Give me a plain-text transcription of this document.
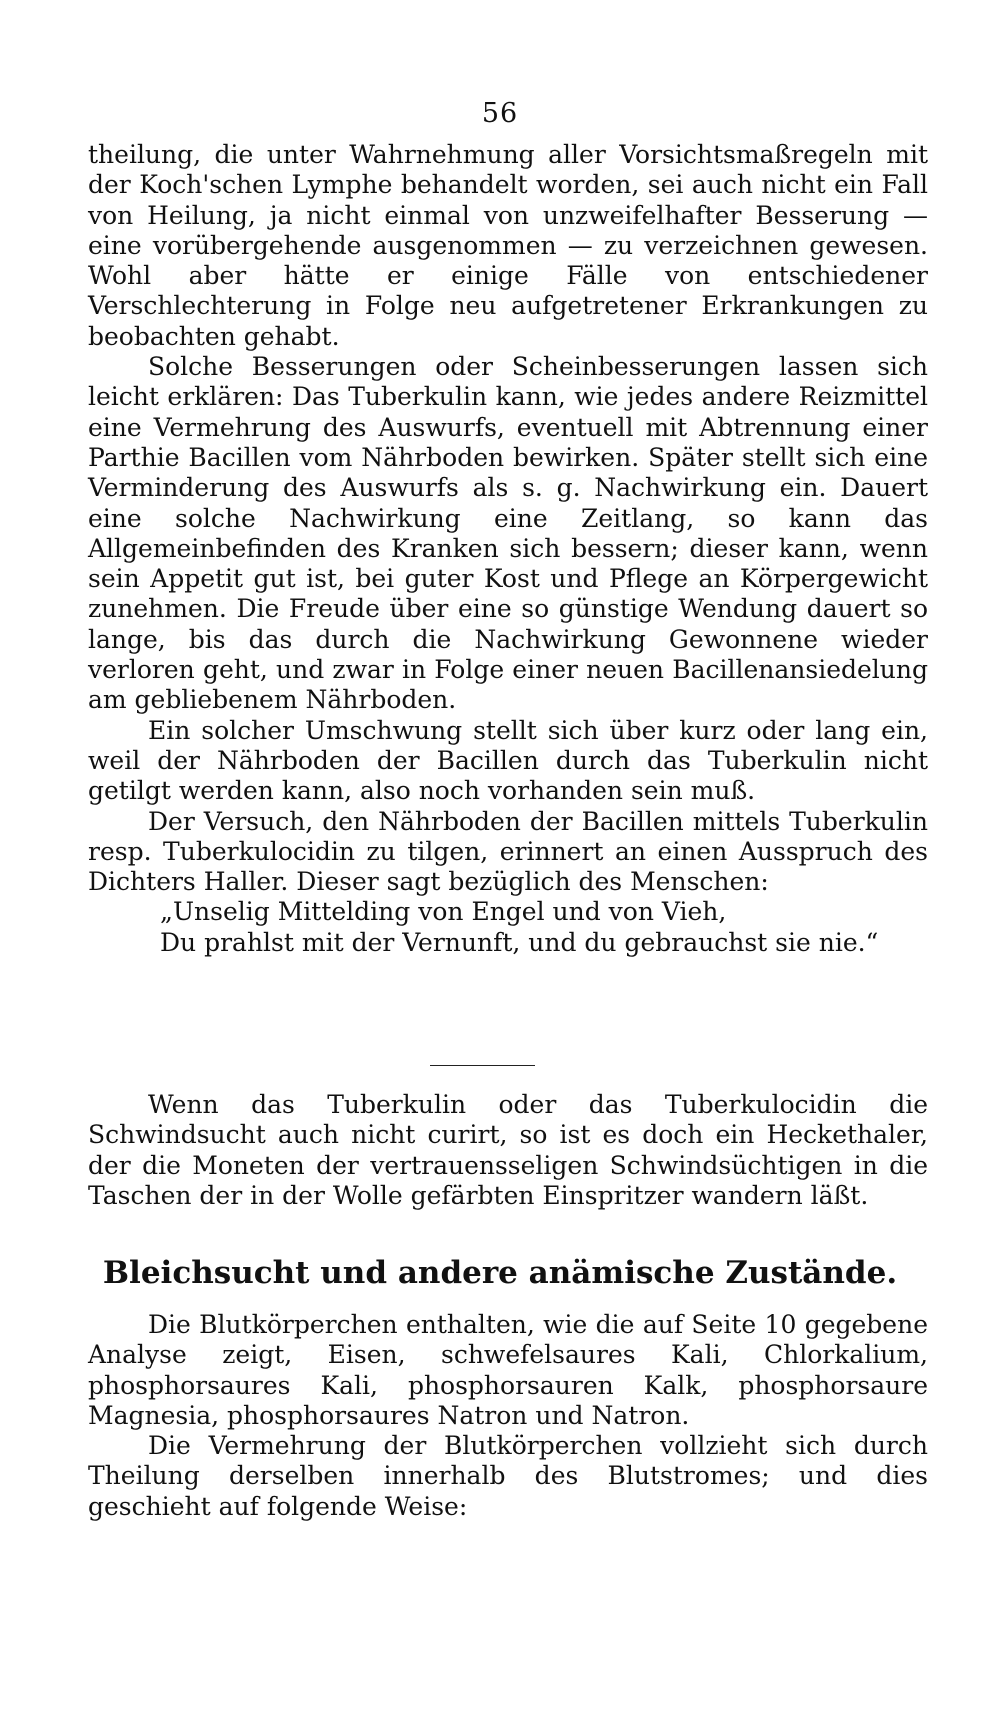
56

theilung, die unter Wahrnehmung aller Vorsichtsmaßregeln mit der Koch'schen Lymphe behandelt worden, sei auch nicht ein Fall von Heilung, ja nicht einmal von unzweifelhafter Besserung — eine vorübergehende ausgenommen — zu verzeichnen gewesen. Wohl aber hätte er einige Fälle von entschiedener Verschlechterung in Folge neu aufgetretener Erkrankungen zu beobachten gehabt.

Solche Besserungen oder Scheinbesserungen lassen sich leicht erklären: Das Tuberkulin kann, wie jedes andere Reizmittel eine Vermehrung des Auswurfs, eventuell mit Abtrennung einer Parthie Bacillen vom Nährboden bewirken. Später stellt sich eine Verminderung des Auswurfs als s. g. Nachwirkung ein. Dauert eine solche Nachwirkung eine Zeitlang, so kann das Allgemeinbefinden des Kranken sich bessern; dieser kann, wenn sein Appetit gut ist, bei guter Kost und Pflege an Körpergewicht zunehmen. Die Freude über eine so günstige Wendung dauert so lange, bis das durch die Nachwirkung Gewonnene wieder verloren geht, und zwar in Folge einer neuen Bacillenansiedelung am gebliebenem Nährboden.

Ein solcher Umschwung stellt sich über kurz oder lang ein, weil der Nährboden der Bacillen durch das Tuberkulin nicht getilgt werden kann, also noch vorhanden sein muß.

Der Versuch, den Nährboden der Bacillen mittels Tuberkulin resp. Tuberkulocidin zu tilgen, erinnert an einen Ausspruch des Dichters Haller. Dieser sagt bezüglich des Menschen:

„Unselig Mittelding von Engel und von Vieh,
Du prahlst mit der Vernunft, und du gebrauchst sie nie.“

Wenn das Tuberkulin oder das Tuberkulocidin die Schwindsucht auch nicht curirt, so ist es doch ein Heckethaler, der die Moneten der vertrauensseligen Schwindsüchtigen in die Taschen der in der Wolle gefärbten Einspritzer wandern läßt.

Bleichsucht und andere anämische Zustände.

Die Blutkörperchen enthalten, wie die auf Seite 10 gegebene Analyse zeigt, Eisen, schwefelsaures Kali, Chlorkalium, phosphorsaures Kali, phosphorsauren Kalk, phosphorsaure Magnesia, phosphorsaures Natron und Natron.

Die Vermehrung der Blutkörperchen vollzieht sich durch Theilung derselben innerhalb des Blutstromes; und dies geschieht auf folgende Weise:
